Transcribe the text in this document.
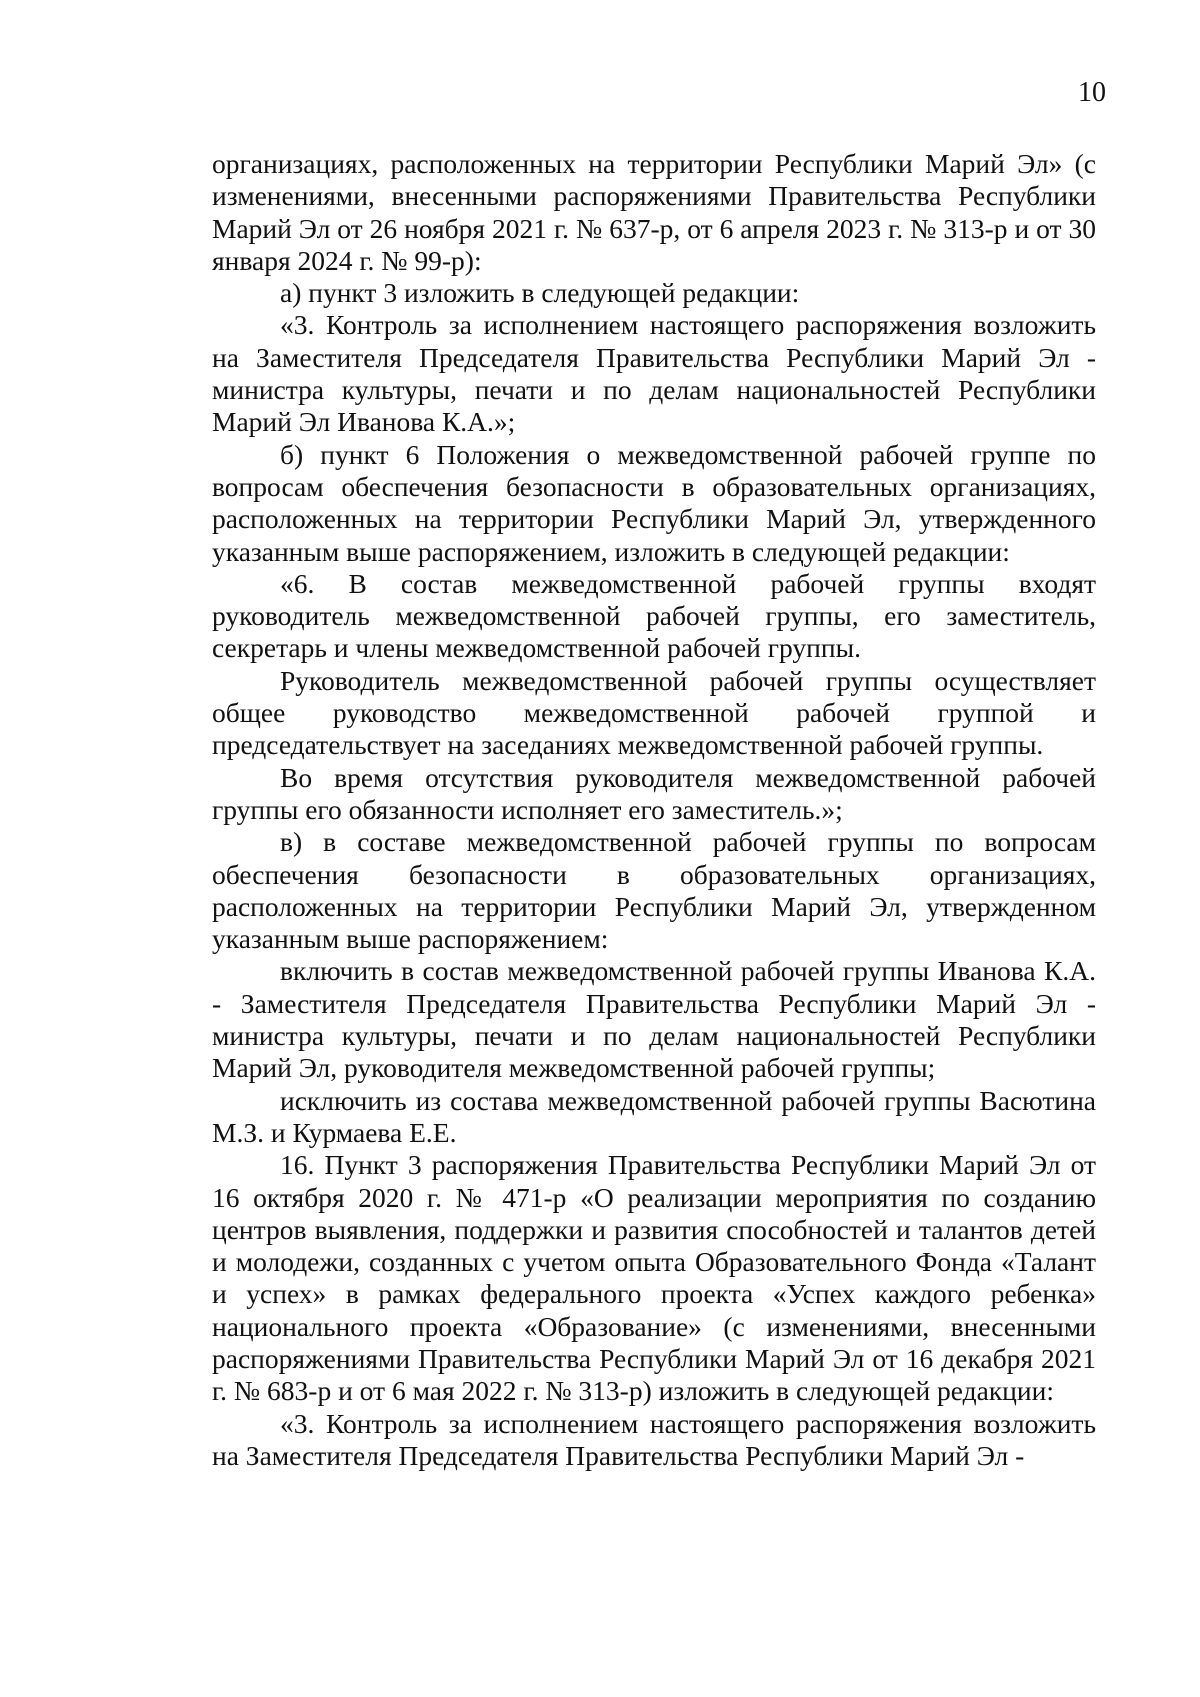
10

организациях, расположенных на территории Республики Марий Эл» (с изменениями, внесенными распоряжениями Правительства Республики Марий Эл от 26 ноября 2021 г. № 637-р, от 6 апреля 2023 г. № 313-р и от 30 января 2024 г. № 99-р):

а) пункт 3 изложить в следующей редакции:

«3. Контроль за исполнением настоящего распоряжения возложить на Заместителя Председателя Правительства Республики Марий Эл - министра культуры, печати и по делам национальностей Республики Марий Эл Иванова К.А.»;

б) пункт 6 Положения о межведомственной рабочей группе по вопросам обеспечения безопасности в образовательных организациях, расположенных на территории Республики Марий Эл, утвержденного указанным выше распоряжением, изложить в следующей редакции:

«6. В состав межведомственной рабочей группы входят руководитель межведомственной рабочей группы, его заместитель, секретарь и члены межведомственной рабочей группы.

Руководитель межведомственной рабочей группы осуществляет общее руководство межведомственной рабочей группой и председательствует на заседаниях межведомственной рабочей группы.

Во время отсутствия руководителя межведомственной рабочей группы его обязанности исполняет его заместитель.»;

в) в составе межведомственной рабочей группы по вопросам обеспечения безопасности в образовательных организациях, расположенных на территории Республики Марий Эл, утвержденном указанным выше распоряжением:

включить в состав межведомственной рабочей группы Иванова К.А. - Заместителя Председателя Правительства Республики Марий Эл - министра культуры, печати и по делам национальностей Республики Марий Эл, руководителя межведомственной рабочей группы;

исключить из состава межведомственной рабочей группы Васютина М.З. и Курмаева Е.Е.

16. Пункт 3 распоряжения Правительства Республики Марий Эл от 16 октября 2020 г. № 471-р «О реализации мероприятия по созданию центров выявления, поддержки и развития способностей и талантов детей и молодежи, созданных с учетом опыта Образовательного Фонда «Талант и успех» в рамках федерального проекта «Успех каждого ребенка» национального проекта «Образование» (с изменениями, внесенными распоряжениями Правительства Республики Марий Эл от 16 декабря 2021 г. № 683-р и от 6 мая 2022 г. № 313-р) изложить в следующей редакции:

«3. Контроль за исполнением настоящего распоряжения возложить на Заместителя Председателя Правительства Республики Марий Эл -
